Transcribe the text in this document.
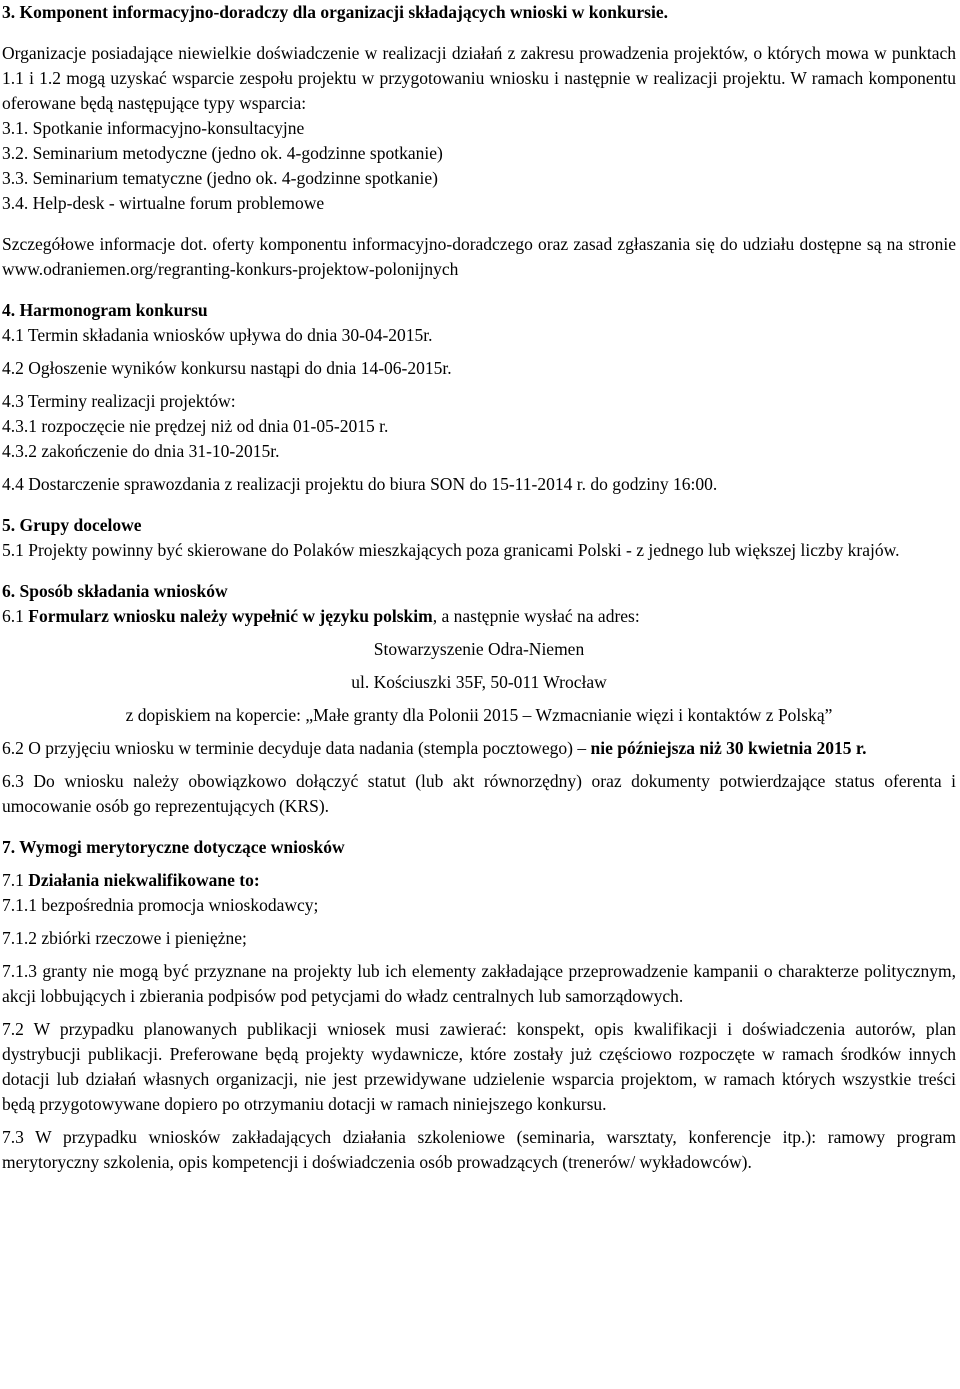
3. Komponent informacyjno-doradczy dla organizacji składających wnioski w konkursie.

Organizacje posiadające niewielkie doświadczenie w realizacji działań z zakresu prowadzenia projektów, o których mowa w punktach 1.1 i 1.2 mogą uzyskać wsparcie zespołu projektu w przygotowaniu wniosku i następnie w realizacji projektu. W ramach komponentu oferowane będą następujące typy wsparcia:

3.1. Spotkanie informacyjno-konsultacyjne

3.2. Seminarium metodyczne (jedno ok. 4-godzinne spotkanie)

3.3. Seminarium tematyczne (jedno ok. 4-godzinne spotkanie)

3.4. Help-desk - wirtualne forum problemowe

Szczegółowe informacje dot. oferty komponentu informacyjno-doradczego oraz zasad zgłaszania się do udziału dostępne są na stronie www.odraniemen.org/regranting-konkurs-projektow-polonijnych

4. Harmonogram konkursu

4.1 Termin składania wniosków upływa do dnia 30-04-2015r.

4.2 Ogłoszenie wyników konkursu nastąpi do dnia 14-06-2015r.

4.3 Terminy realizacji projektów:

4.3.1 rozpoczęcie nie prędzej niż od dnia 01-05-2015 r.

4.3.2 zakończenie do dnia 31-10-2015r.

4.4 Dostarczenie sprawozdania z realizacji projektu do biura SON do 15-11-2014 r. do godziny 16:00.

5. Grupy docelowe

5.1 Projekty powinny być skierowane do Polaków mieszkających poza granicami Polski - z jednego lub większej liczby krajów.

6. Sposób składania wniosków

6.1 Formularz wniosku należy wypełnić w języku polskim, a następnie wysłać na adres:

Stowarzyszenie Odra-Niemen

ul. Kościuszki 35F, 50-011 Wrocław

z dopiskiem na kopercie: „Małe granty dla Polonii 2015 – Wzmacnianie więzi i kontaktów z Polską”

6.2 O przyjęciu wniosku w terminie decyduje data nadania (stempla pocztowego) – nie późniejsza niż 30 kwietnia 2015 r.

6.3 Do wniosku należy obowiązkowo dołączyć statut (lub akt równorzędny) oraz dokumenty potwierdzające status oferenta i umocowanie osób go reprezentujących (KRS).

7. Wymogi merytoryczne dotyczące wniosków

7.1 Działania niekwalifikowane to:

7.1.1 bezpośrednia promocja wnioskodawcy;

7.1.2 zbiórki rzeczowe i pieniężne;

7.1.3 granty nie mogą być przyznane na projekty lub ich elementy zakładające przeprowadzenie kampanii o charakterze politycznym, akcji lobbujących i zbierania podpisów pod petycjami do władz centralnych lub samorządowych.

7.2 W przypadku planowanych publikacji wniosek musi zawierać: konspekt, opis kwalifikacji i doświadczenia autorów, plan dystrybucji publikacji. Preferowane będą projekty wydawnicze, które zostały już częściowo rozpoczęte w ramach środków innych dotacji lub działań własnych organizacji, nie jest przewidywane udzielenie wsparcia projektom, w ramach których wszystkie treści będą przygotowywane dopiero po otrzymaniu dotacji w ramach niniejszego konkursu.

7.3 W przypadku wniosków zakładających działania szkoleniowe (seminaria, warsztaty, konferencje itp.): ramowy program merytoryczny szkolenia, opis kompetencji i doświadczenia osób prowadzących (trenerów/ wykładowców).
